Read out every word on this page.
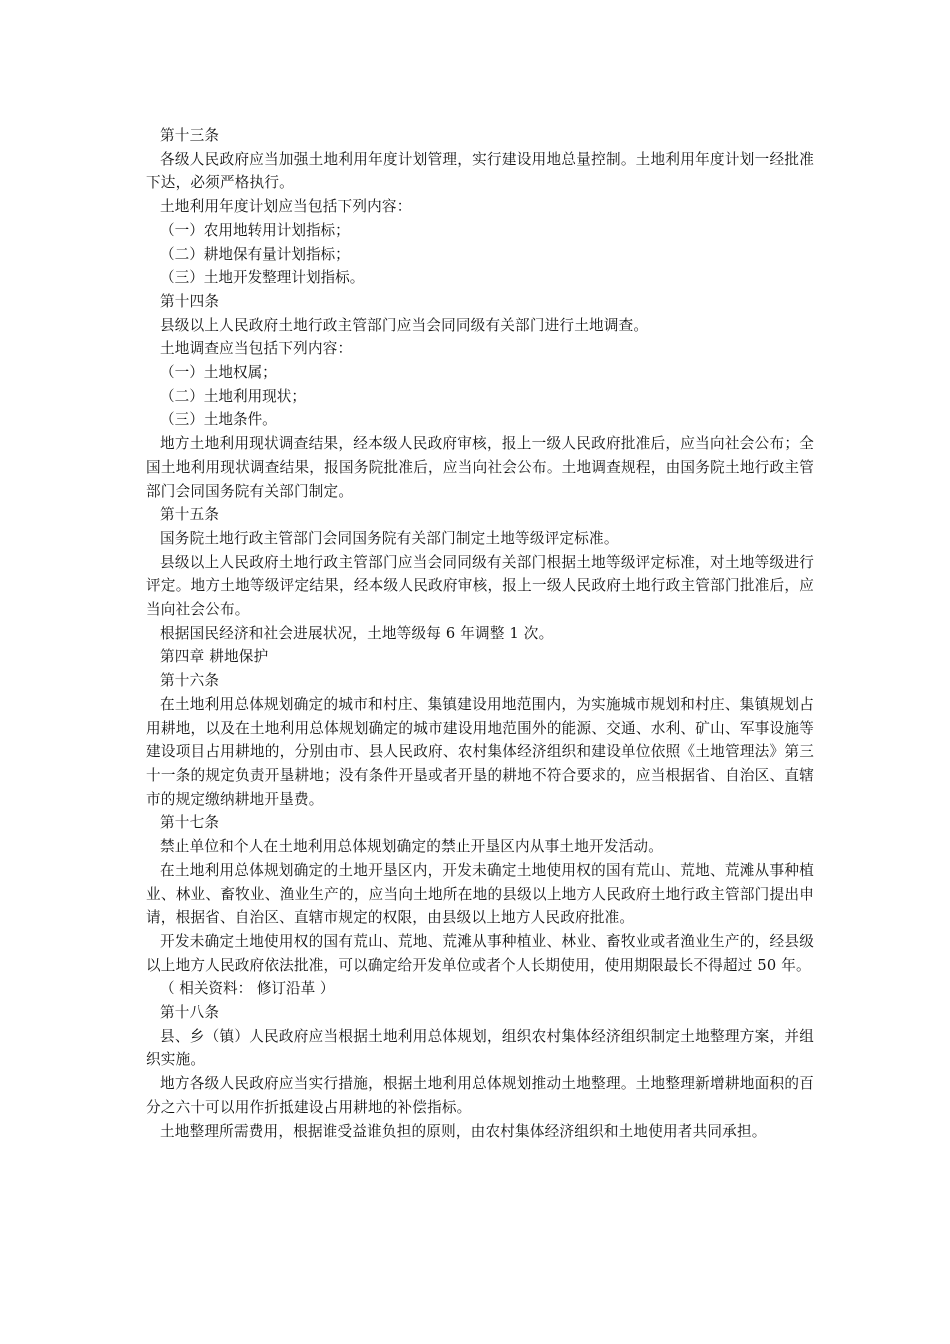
第十三条

各级人民政府应当加强土地利用年度计划管理，实行建设用地总量控制。土地利用年度计划一经批准下达，必须严格执行。

土地利用年度计划应当包括下列内容：

（一）农用地转用计划指标；

（二）耕地保有量计划指标；

（三）土地开发整理计划指标。

第十四条

县级以上人民政府土地行政主管部门应当会同同级有关部门进行土地调查。

土地调查应当包括下列内容：

（一）土地权属；

（二）土地利用现状；

（三）土地条件。

地方土地利用现状调查结果，经本级人民政府审核，报上一级人民政府批准后，应当向社会公布；全国土地利用现状调查结果，报国务院批准后，应当向社会公布。土地调查规程，由国务院土地行政主管部门会同国务院有关部门制定。

第十五条

国务院土地行政主管部门会同国务院有关部门制定土地等级评定标准。

县级以上人民政府土地行政主管部门应当会同同级有关部门根据土地等级评定标准，对土地等级进行评定。地方土地等级评定结果，经本级人民政府审核，报上一级人民政府土地行政主管部门批准后，应当向社会公布。

根据国民经济和社会进展状况，土地等级每 6 年调整 1 次。

第四章 耕地保护

第十六条

在土地利用总体规划确定的城市和村庄、集镇建设用地范围内，为实施城市规划和村庄、集镇规划占用耕地，以及在土地利用总体规划确定的城市建设用地范围外的能源、交通、水利、矿山、军事设施等建设项目占用耕地的，分别由市、县人民政府、农村集体经济组织和建设单位依照《土地管理法》第三十一条的规定负责开垦耕地；没有条件开垦或者开垦的耕地不符合要求的，应当根据省、自治区、直辖市的规定缴纳耕地开垦费。

第十七条

禁止单位和个人在土地利用总体规划确定的禁止开垦区内从事土地开发活动。

在土地利用总体规划确定的土地开垦区内，开发未确定土地使用权的国有荒山、荒地、荒滩从事种植业、林业、畜牧业、渔业生产的，应当向土地所在地的县级以上地方人民政府土地行政主管部门提出申请，根据省、自治区、直辖市规定的权限，由县级以上地方人民政府批准。

开发未确定土地使用权的国有荒山、荒地、荒滩从事种植业、林业、畜牧业或者渔业生产的，经县级以上地方人民政府依法批准，可以确定给开发单位或者个人长期使用，使用期限最长不得超过 50 年。

（ 相关资料： 修订沿革 ）

第十八条

县、乡（镇）人民政府应当根据土地利用总体规划，组织农村集体经济组织制定土地整理方案，并组织实施。

地方各级人民政府应当实行措施，根据土地利用总体规划推动土地整理。土地整理新增耕地面积的百分之六十可以用作折抵建设占用耕地的补偿指标。

土地整理所需费用，根据谁受益谁负担的原则，由农村集体经济组织和土地使用者共同承担。
